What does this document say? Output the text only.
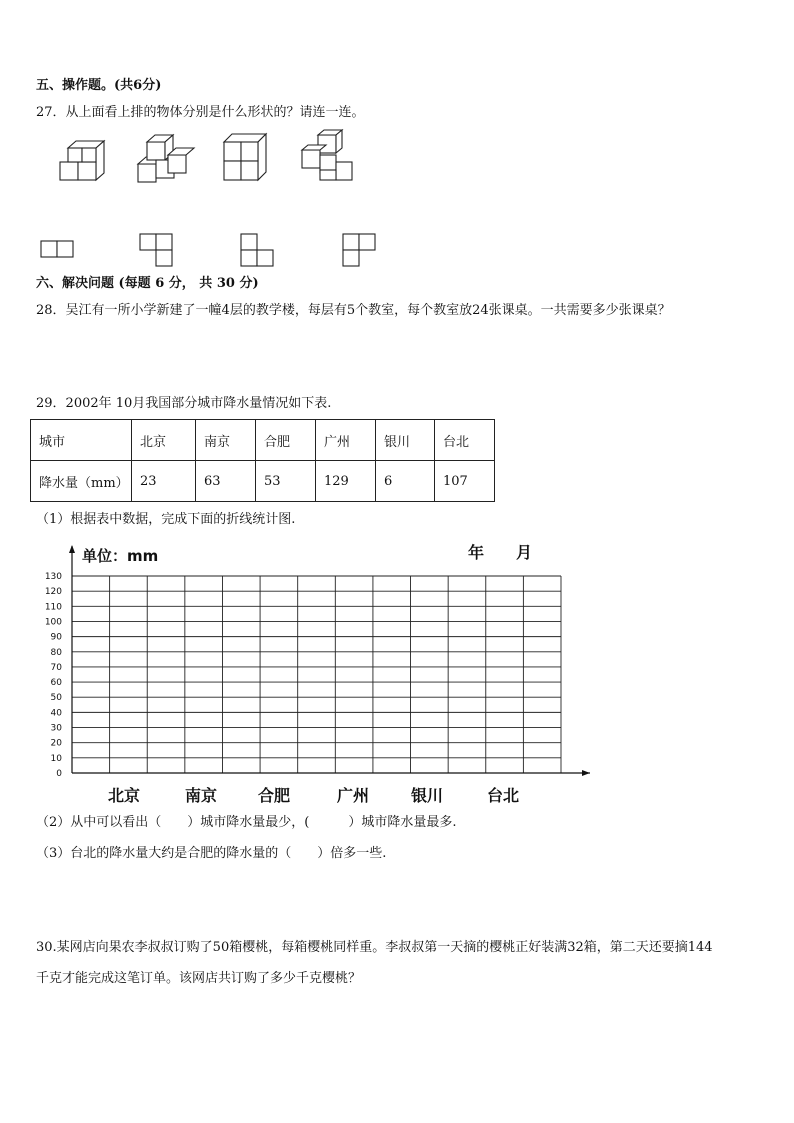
五、操作题。(共6分)
27．从上面看上排的物体分别是什么形状的？请连一连。
六、解决问题 (每题 6 分， 共 30 分)
28．吴江有一所小学新建了一幢4层的教学楼，每层有5个教室，每个教室放24张课桌。一共需要多少张课桌？
29．2002年 10月我国部分城市降水量情况如下表.
城市	北京	南京	合肥	广州	银川	台北
降水量（mm）	23	63	53	129	6	107
（1）根据表中数据，完成下面的折线统计图.
单位：mm	年　　月
0
10
20
30
40
50
60
70
80
90
100
110
120
130
北京	南京	合肥	广州	银川	台北
（2）从中可以看出（　　）城市降水量最少，(　　　）城市降水量最多.
（3）台北的降水量大约是合肥的降水量的（　　）倍多一些.
30.某网店向果农李叔叔订购了50箱樱桃，每箱樱桃同样重。李叔叔第一天摘的樱桃正好装满32箱，第二天还要摘144
千克才能完成这笔订单。该网店共订购了多少千克樱桃？
